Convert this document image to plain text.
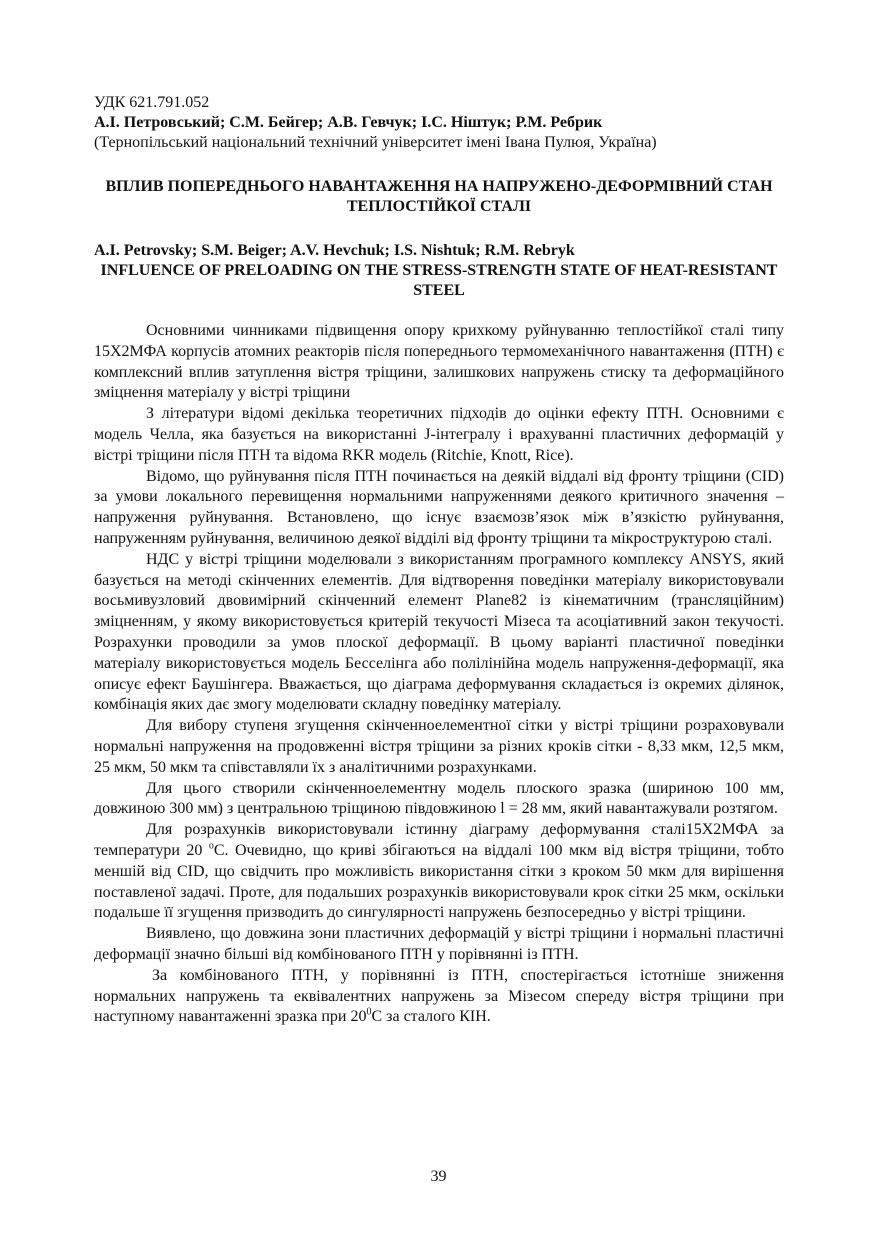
УДК 621.791.052
А.І. Петровський; С.М. Бейгер; А.В. Гевчук; І.С. Ніштук; Р.М. Ребрик
(Тернопільський національний технічний університет імені Івана Пулюя, Україна)
ВПЛИВ ПОПЕРЕДНЬОГО НАВАНТАЖЕННЯ НА НАПРУЖЕНО-ДЕФОРМІВНИЙ СТАН ТЕПЛОСТІЙКОЇ СТАЛІ
A.I. Petrovsky; S.M. Beiger; A.V. Hevchuk; I.S. Nishtuk; R.M. Rebryk
INFLUENCE OF PRELOADING ON THE STRESS-STRENGTH STATE OF HEAT-RESISTANT STEEL

Основними чинниками підвищення опору крихкому руйнуванню теплостійкої сталі типу 15Х2МФА корпусів атомних реакторів після попереднього термомеханічного навантаження (ПТН) є комплексний вплив затуплення вістря тріщини, залишкових напружень стиску та деформаційного зміцнення матеріалу у вістрі тріщини

З літератури відомі декілька теоретичних підходів до оцінки ефекту ПТН. Основними є модель Челла, яка базується на використанні J-інтегралу і врахуванні пластичних деформацій у вістрі тріщини після ПТН та відома RKR модель (Ritchie, Knott, Rice).

Відомо, що руйнування після ПТН починається на деякій віддалі від фронту тріщини (CID) за умови локального перевищення нормальними напруженнями деякого критичного значення – напруження руйнування. Встановлено, що існує взаємозв’язок між в’язкістю руйнування, напруженням руйнування, величиною деякої відділі від фронту тріщини та мікроструктурою сталі.

НДС у вістрі тріщини моделювали з використанням програмного комплексу ANSYS, який базується на методі скінченних елементів. Для відтворення поведінки матеріалу використовували восьмивузловий двовимірний скінченний елемент Plane82 із кінематичним (трансляційним) зміцненням, у якому використовується критерій текучості Мізеса та асоціативний закон текучості. Розрахунки проводили за умов плоскої деформації. В цьому варіанті пластичної поведінки матеріалу використовується модель Бесселінга або полілінійна модель напруження-деформації, яка описує ефект Баушінгера. Вважається, що діаграма деформування складається із окремих ділянок, комбінація яких дає змогу моделювати складну поведінку матеріалу.

Для вибору ступеня згущення скінченноелементної сітки у вістрі тріщини розраховували нормальні напруження на продовженні вістря тріщини за різних кроків сітки - 8,33 мкм, 12,5 мкм, 25 мкм, 50 мкм та співставляли їх з аналітичними розрахунками.

Для цього створили скінченноелементну модель плоского зразка (шириною 100 мм, довжиною 300 мм) з центральною тріщиною півдовжиною l = 28 мм, який навантажували розтягом.

Для розрахунків використовували істинну діаграму деформування сталі15Х2МФА за температури 20 $^o$С. Очевидно, що криві збігаються на віддалі 100 мкм від вістря тріщини, тобто меншій від CID, що свідчить про можливість використання сітки з кроком 50 мкм для вирішення поставленої задачі. Проте, для подальших розрахунків використовували крок сітки 25 мкм, оскільки подальше її згущення призводить до сингулярності напружень безпосередньо у вістрі тріщини.

Виявлено, що довжина зони пластичних деформацій у вістрі тріщини і нормальні пластичні деформації значно більші від комбінованого ПТН у порівнянні із ПТН.

За комбінованого ПТН, у порівнянні із ПТН, спостерігається істотніше зниження нормальних напружень та еквівалентних напружень за Мізесом спереду вістря тріщини при наступному навантаженні зразка при $20^0С$ за сталого КІН.

39
